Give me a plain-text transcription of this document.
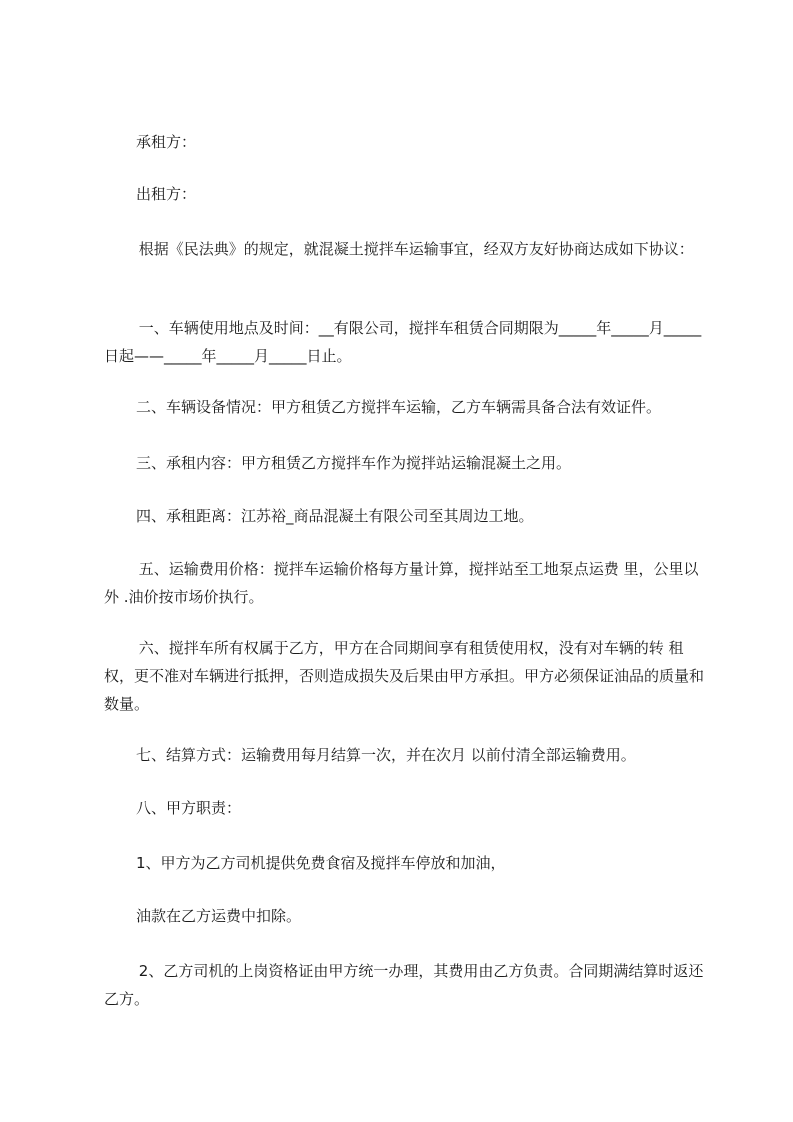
承租方：

出租方：

根据《民法典》的规定，就混凝土搅拌车运输事宜，经双方友好协商达成如下协议：

一、车辆使用地点及时间：__有限公司，搅拌车租赁合同期限为_____年_____月_____日起——_____年_____月_____日止。

二、车辆设备情况：甲方租赁乙方搅拌车运输，乙方车辆需具备合法有效证件。

三、承租内容：甲方租赁乙方搅拌车作为搅拌站运输混凝土之用。

四、承租距离：江苏裕_商品混凝土有限公司至其周边工地。

五、运输费用价格：搅拌车运输价格每方量计算，搅拌站至工地泵点运费 里，公里以外 .油价按市场价执行。

六、搅拌车所有权属于乙方，甲方在合同期间享有租赁使用权，没有对车辆的转 租权，更不准对车辆进行抵押，否则造成损失及后果由甲方承担。甲方必须保证油品的质量和数量。

七、结算方式：运输费用每月结算一次，并在次月 以前付清全部运输费用。

八、甲方职责：

1、甲方为乙方司机提供免费食宿及搅拌车停放和加油，

油款在乙方运费中扣除。

2、乙方司机的上岗资格证由甲方统一办理，其费用由乙方负责。合同期满结算时返还乙方。
